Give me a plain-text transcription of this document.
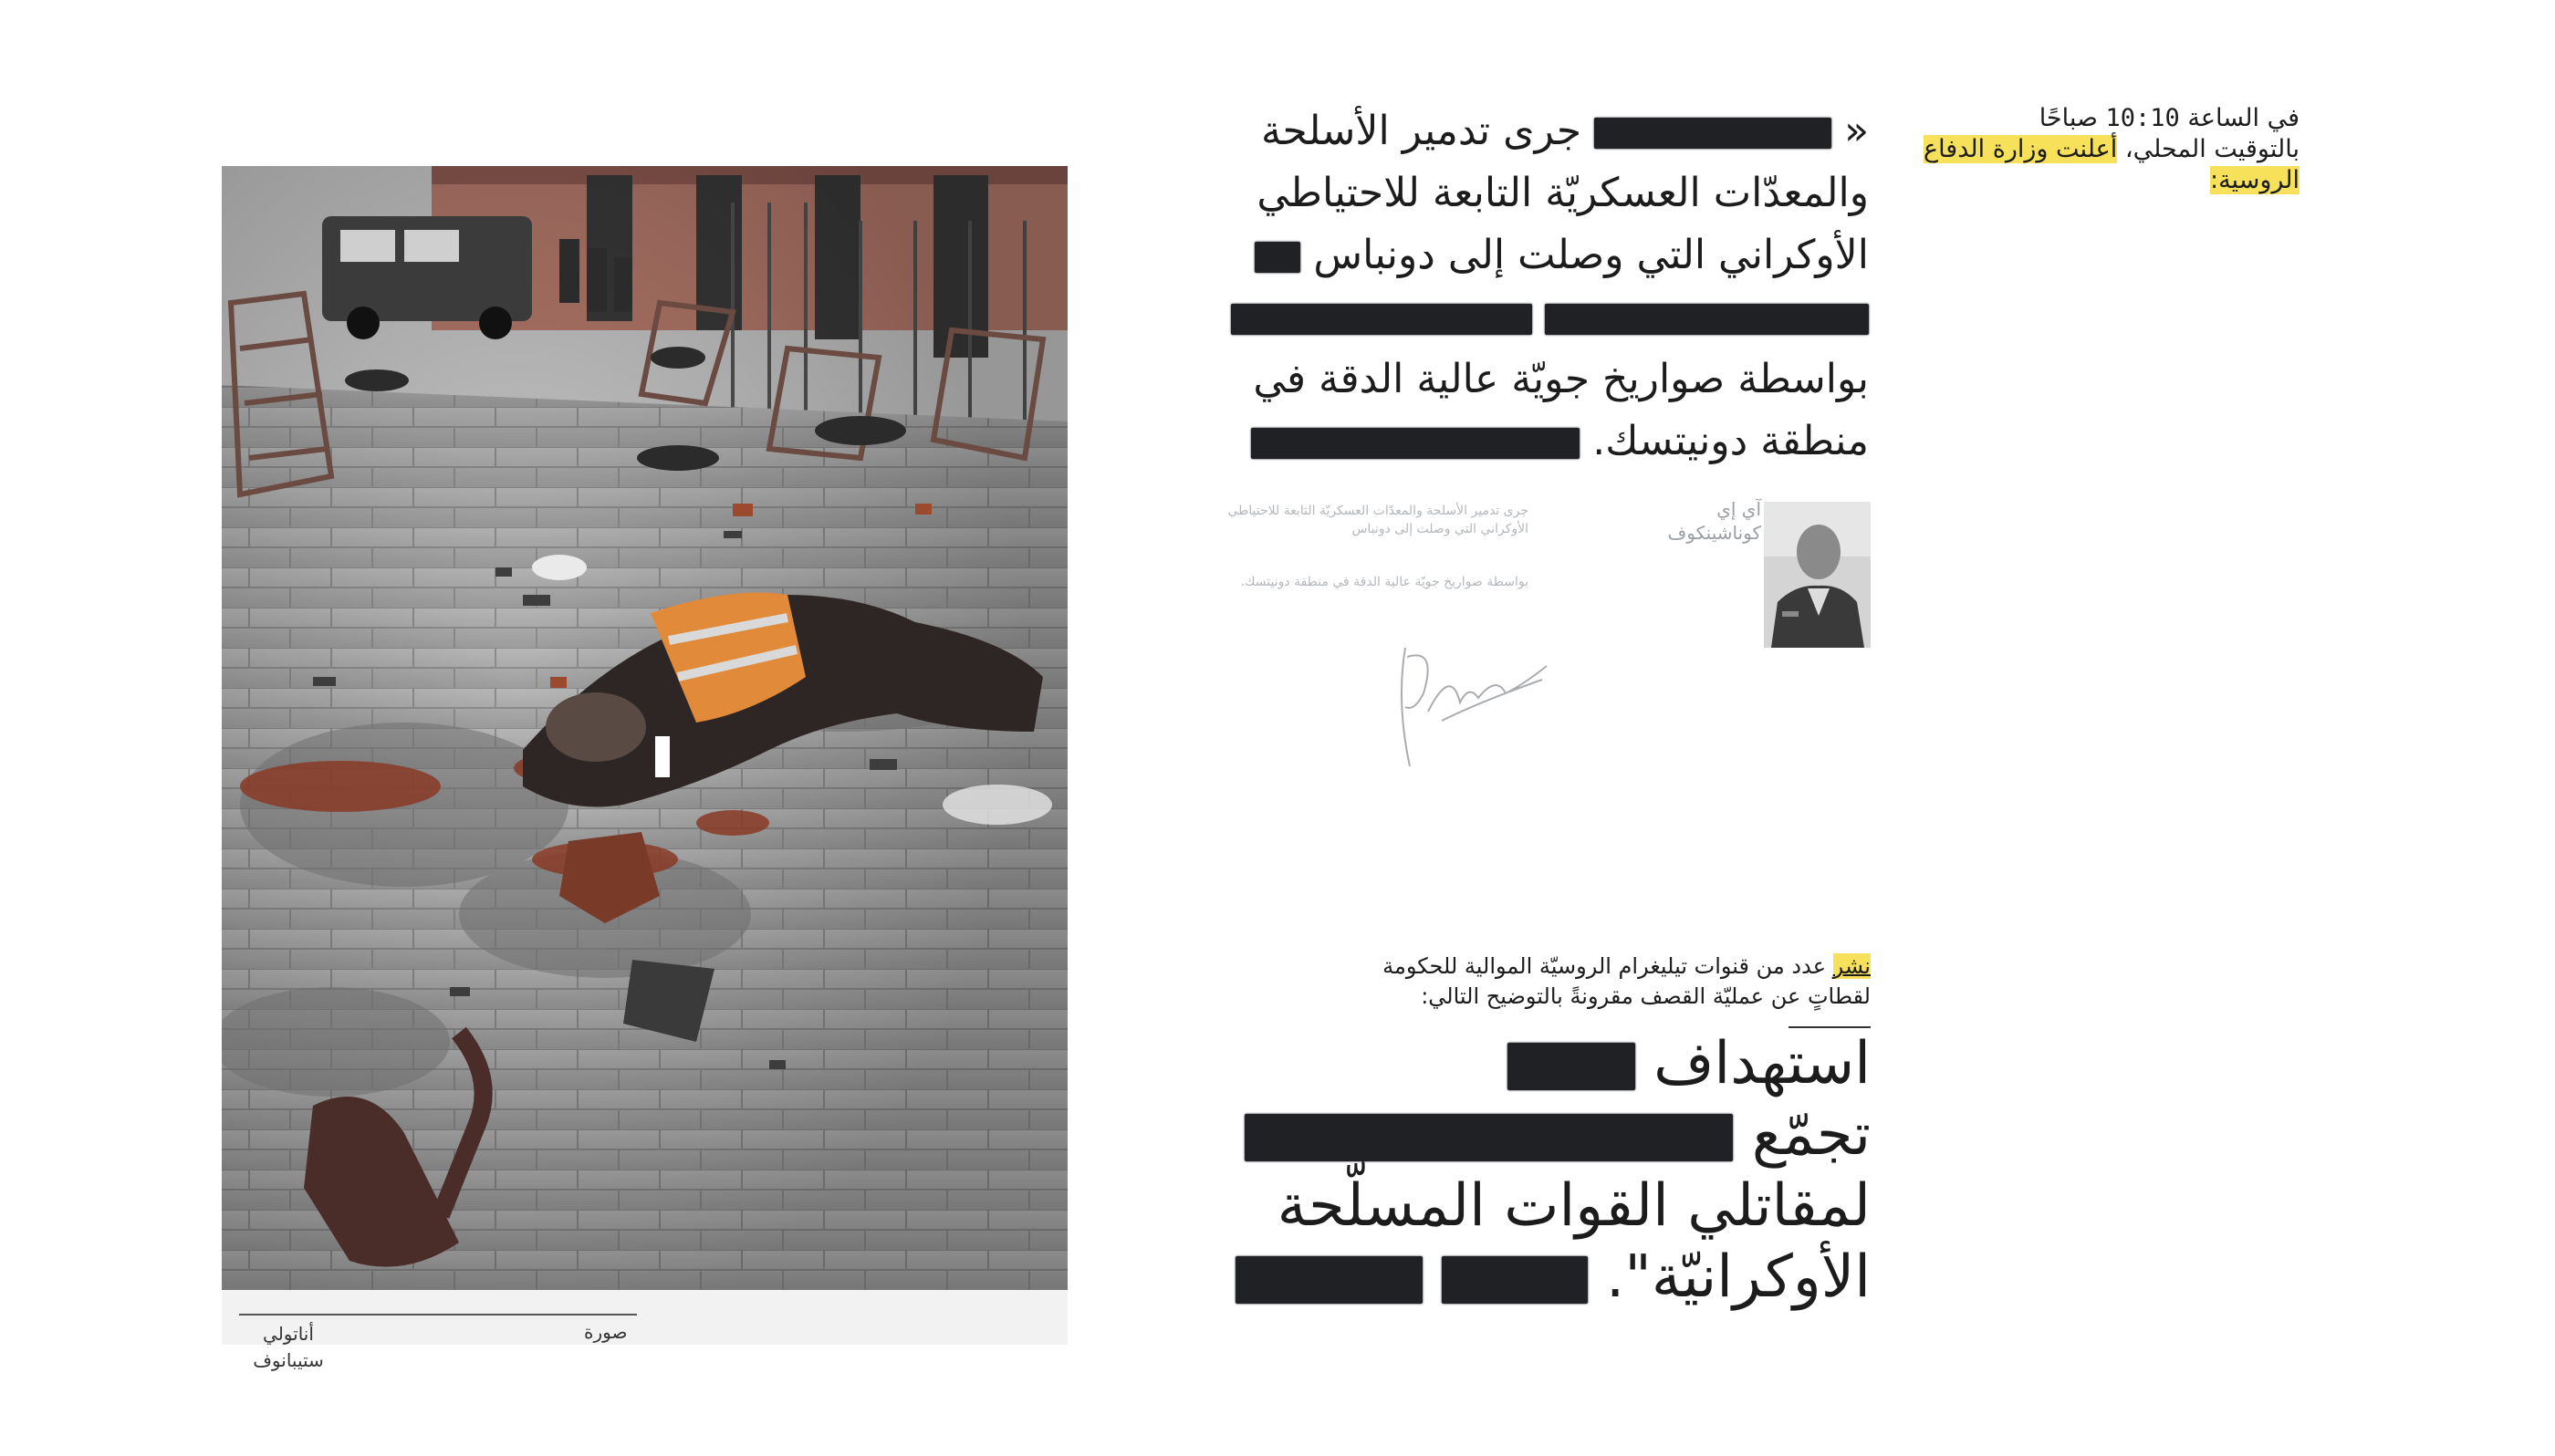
صورة
أناتولي ستيبانوف
في الساعة 10:10 صباحًا
بالتوقيت المحلي، أعلنت وزارة الدفاع الروسية:
«  جرى تدمير الأسلحة والمعدّات العسكريّة التابعة للاحتياطي الأوكراني التي وصلت إلى دونباس    بواسطة صواريخ جويّة عالية الدقة في منطقة دونيتسك.
آي إي كوناشينكوف
جرى تدمير الأسلحة والمعدّات العسكريّة التابعة للاحتياطي الأوكراني التي وصلت إلى دونباس
بواسطة صواريخ جويّة عالية الدقة في منطقة دونيتسك.
نشر عدد من قنوات تيليغرام الروسيّة الموالية للحكومة لقطاتٍ عن عمليّة القصف مقرونةً بالتوضيح التالي:
استهداف
تجمّع
لمقاتلي القوات المسلّحة
الأوكرانيّة".
